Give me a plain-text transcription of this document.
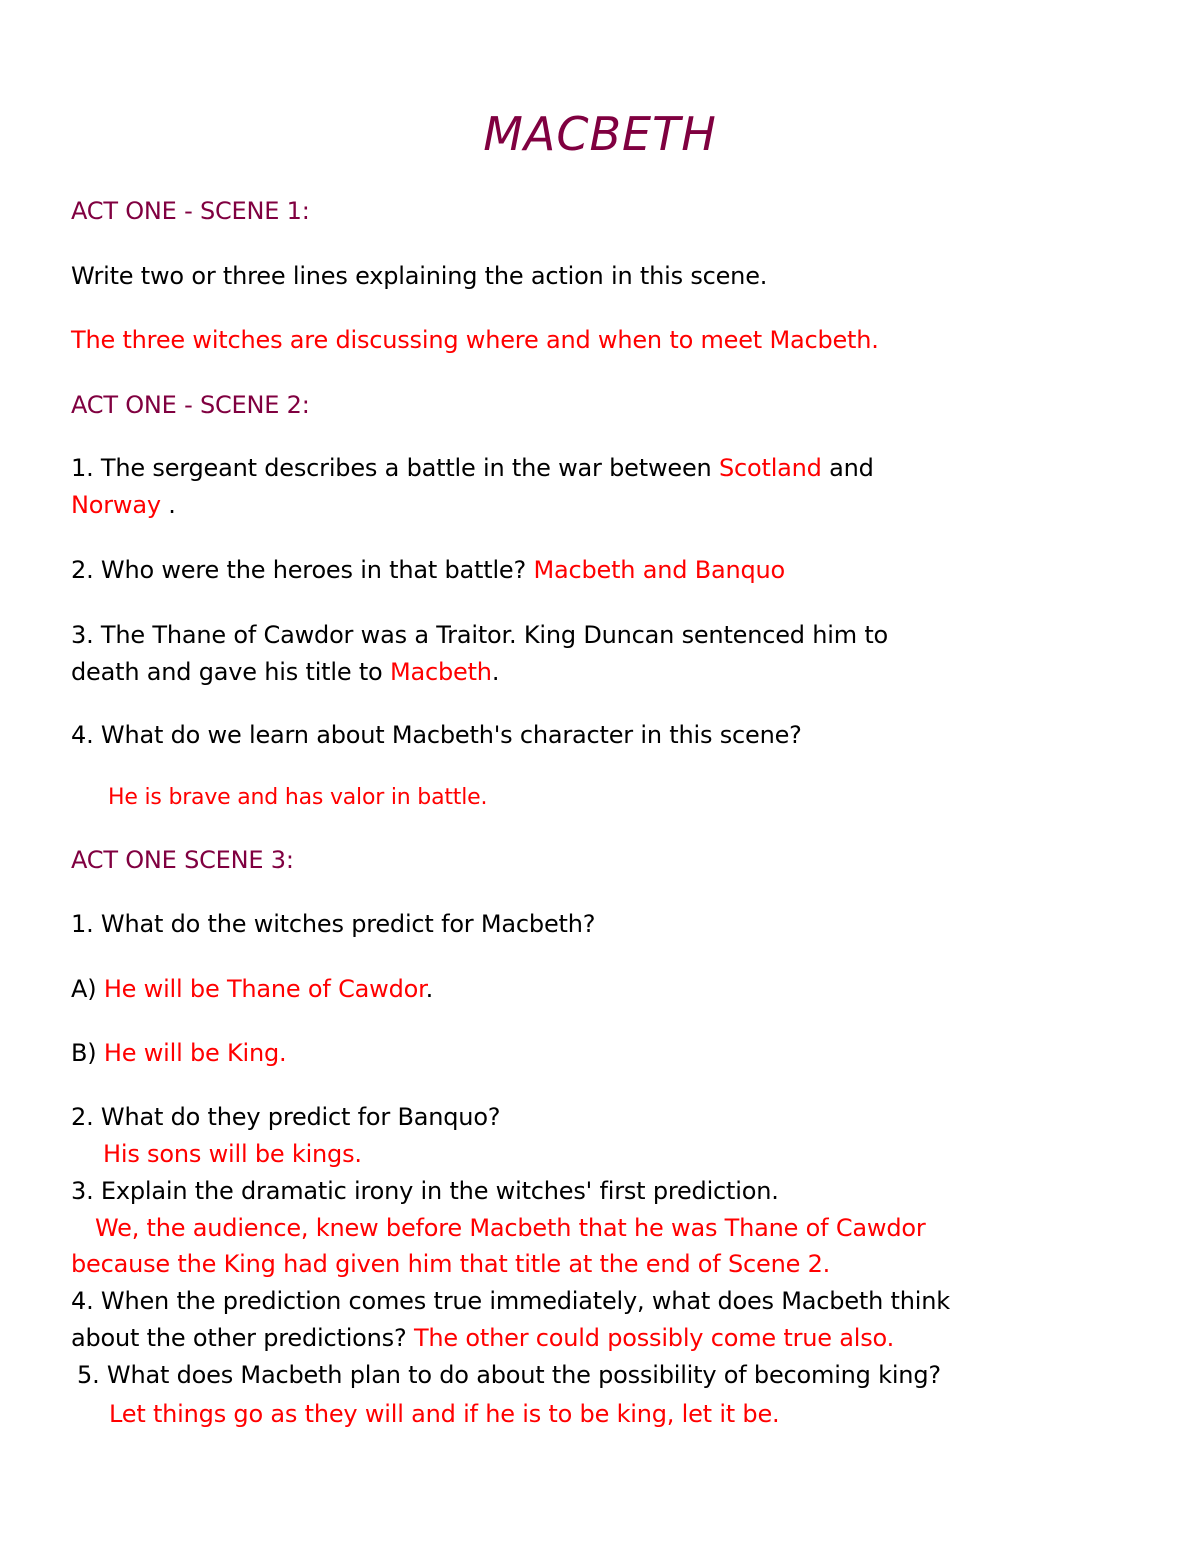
MACBETH
ACT ONE - SCENE 1:
Write two or three lines explaining the action in this scene.
The three witches are discussing where and when to meet Macbeth.
ACT ONE - SCENE 2:
1. The sergeant describes a battle in the war between Scotland and
Norway .
2. Who were the heroes in that battle? Macbeth and Banquo
3. The Thane of Cawdor was a Traitor. King Duncan sentenced him to
death and gave his title to Macbeth.
4. What do we learn about Macbeth's character in this scene?
He is brave and has valor in battle.
ACT ONE SCENE 3:
1. What do the witches predict for Macbeth?
A) He will be Thane of Cawdor.
B) He will be King.
2. What do they predict for Banquo?
His sons will be kings.
3. Explain the dramatic irony in the witches' first prediction.
We, the audience, knew before Macbeth that he was Thane of Cawdor
because the King had given him that title at the end of Scene 2.
4. When the prediction comes true immediately, what does Macbeth think
about the other predictions? The other could possibly come true also.
5. What does Macbeth plan to do about the possibility of becoming king?
Let things go as they will and if he is to be king, let it be.
